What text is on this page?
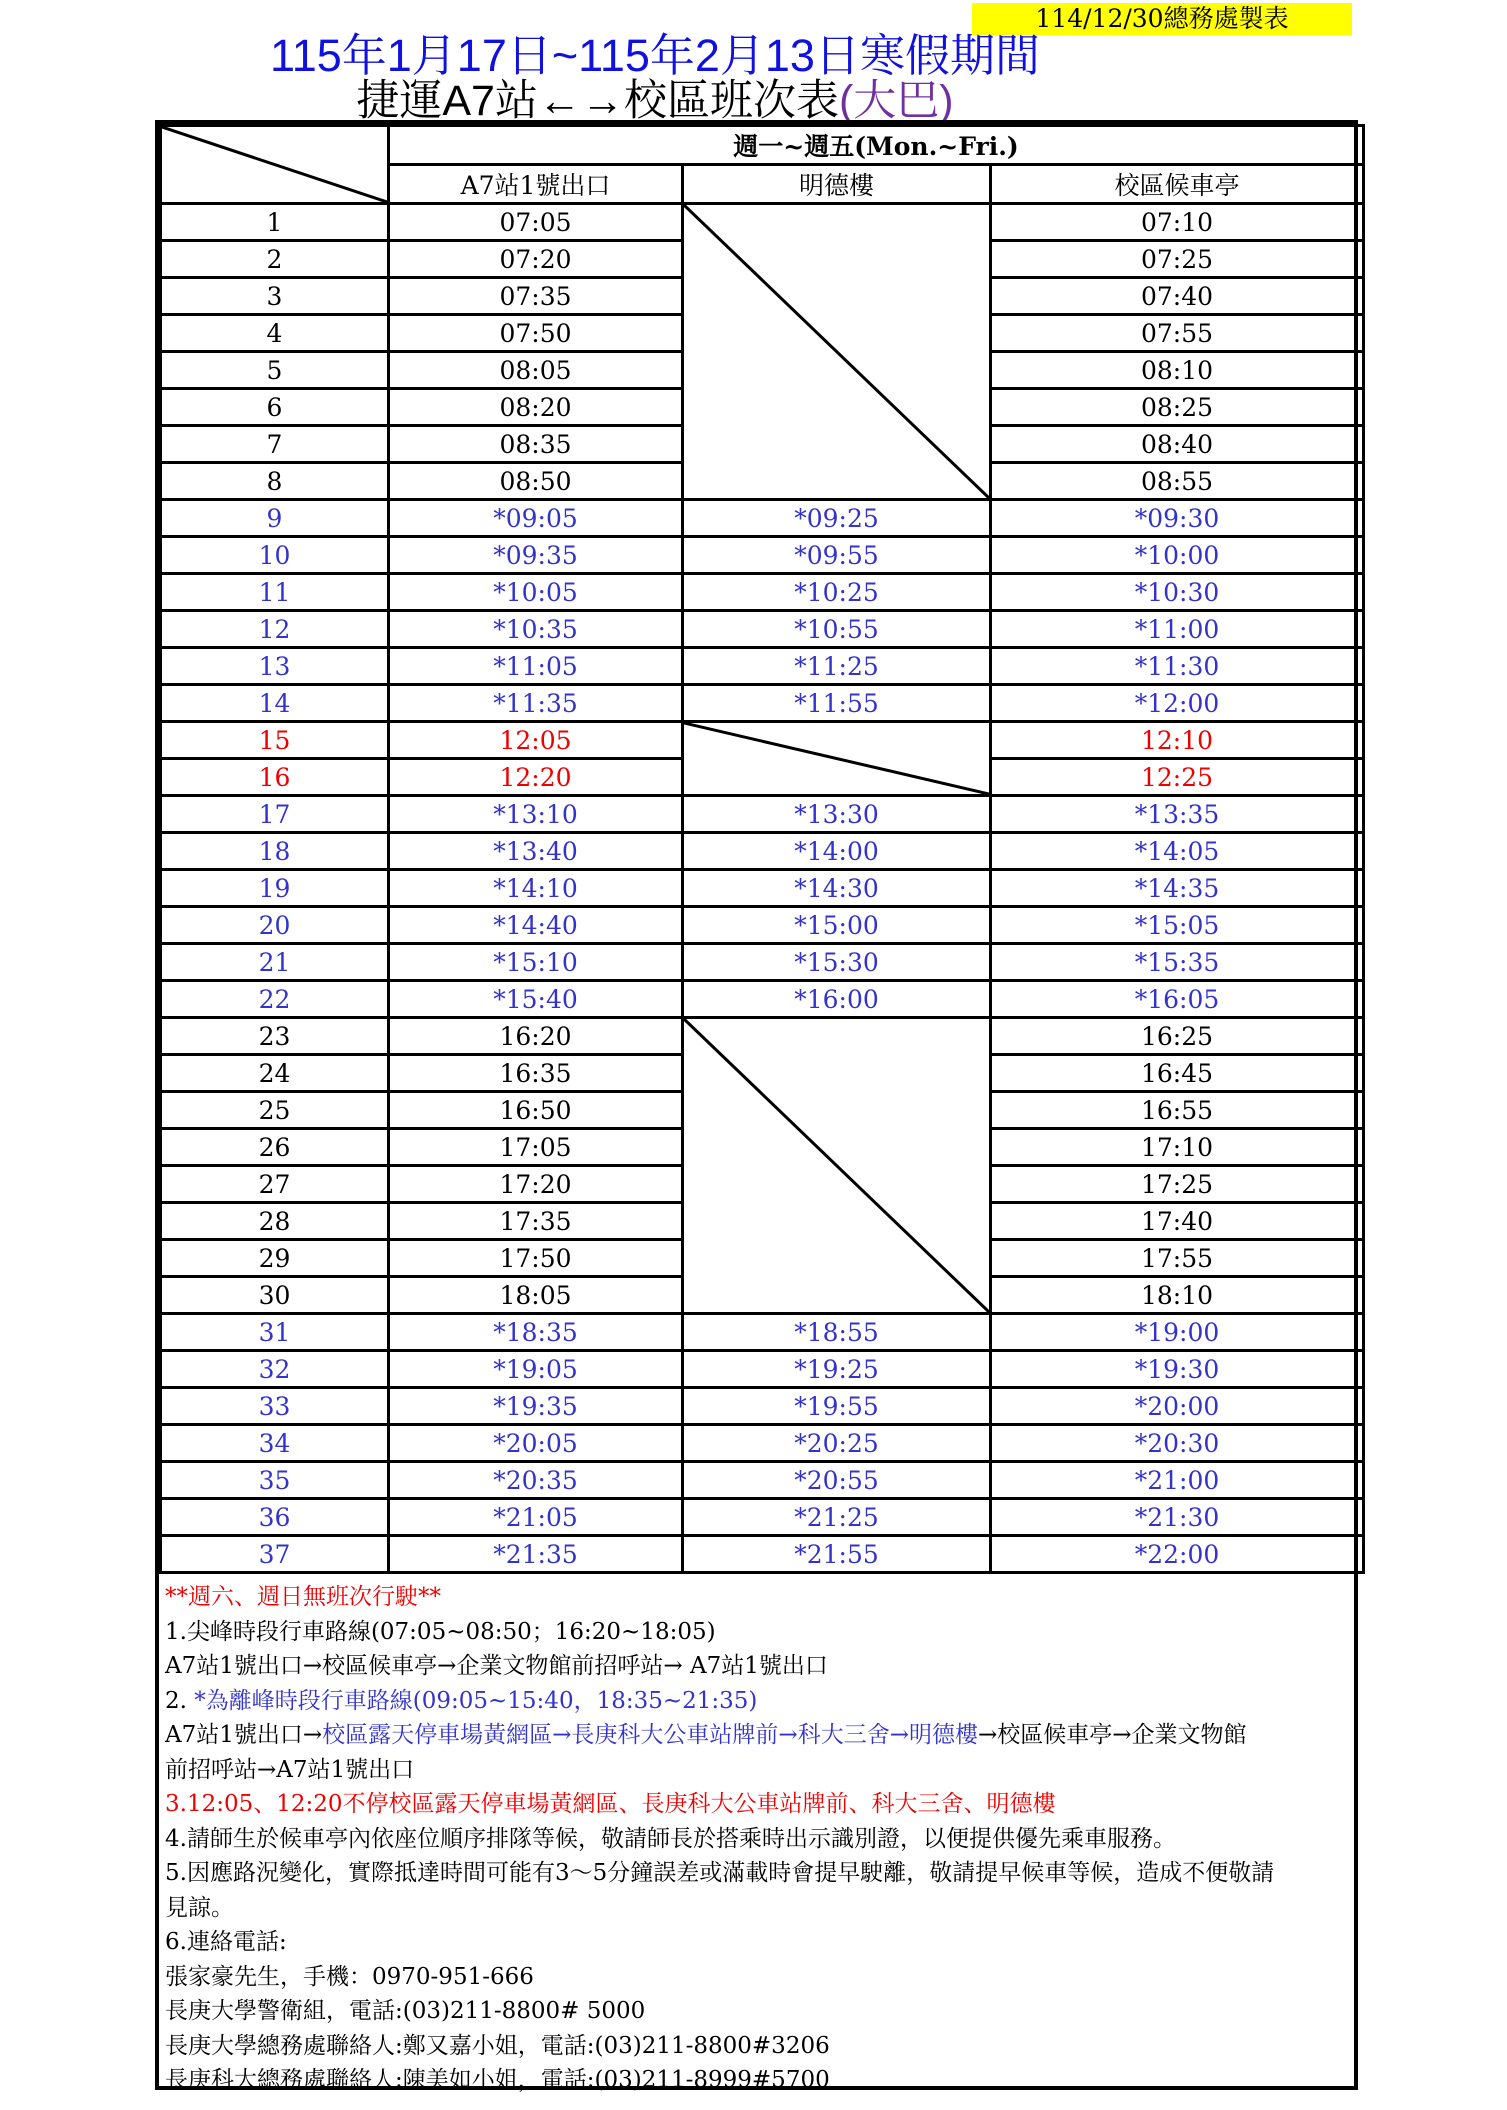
114/12/30總務處製表
115年1月17日~115年2月13日寒假期間
捷運A7站←→校區班次表(大巴)
	週一~週五(Mon.~Fri.)		
	A7站1號出口	明德樓	校區候車亭
1	07:05		07:10
2	07:20		07:25
3	07:35		07:40
4	07:50		07:55
5	08:05		08:10
6	08:20		08:25
7	08:35		08:40
8	08:50		08:55
9	*09:05	*09:25	*09:30
10	*09:35	*09:55	*10:00
11	*10:05	*10:25	*10:30
12	*10:35	*10:55	*11:00
13	*11:05	*11:25	*11:30
14	*11:35	*11:55	*12:00
15	12:05		12:10
16	12:20		12:25
17	*13:10	*13:30	*13:35
18	*13:40	*14:00	*14:05
19	*14:10	*14:30	*14:35
20	*14:40	*15:00	*15:05
21	*15:10	*15:30	*15:35
22	*15:40	*16:00	*16:05
23	16:20		16:25
24	16:35		16:45
25	16:50		16:55
26	17:05		17:10
27	17:20		17:25
28	17:35		17:40
29	17:50		17:55
30	18:05		18:10
31	*18:35	*18:55	*19:00
32	*19:05	*19:25	*19:30
33	*19:35	*19:55	*20:00
34	*20:05	*20:25	*20:30
35	*20:35	*20:55	*21:00
36	*21:05	*21:25	*21:30
37	*21:35	*21:55	*22:00
**週六、週日無班次行駛**
1.尖峰時段行車路線(07:05~08:50；16:20~18:05)
A7站1號出口→校區候車亭→企業文物館前招呼站→ A7站1號出口
2. *為離峰時段行車路線(09:05~15:40，18:35~21:35)
A7站1號出口→校區露天停車場黃網區→長庚科大公車站牌前→科大三舍→明德樓→校區候車亭→企業文物館
前招呼站→A7站1號出口
3.12:05、12:20不停校區露天停車場黃網區、長庚科大公車站牌前、科大三舍、明德樓
4.請師生於候車亭內依座位順序排隊等候，敬請師長於搭乘時出示識別證，以便提供優先乘車服務。
5.因應路況變化，實際抵達時間可能有3～5分鐘誤差或滿載時會提早駛離，敬請提早候車等候，造成不便敬請
見諒。
6.連絡電話:
張家豪先生，手機：0970-951-666
長庚大學警衛組，電話:(03)211-8800# 5000
長庚大學總務處聯絡人:鄭又嘉小姐，電話:(03)211-8800#3206
長庚科大總務處聯絡人:陳美如小姐，電話:(03)211-8999#5700
